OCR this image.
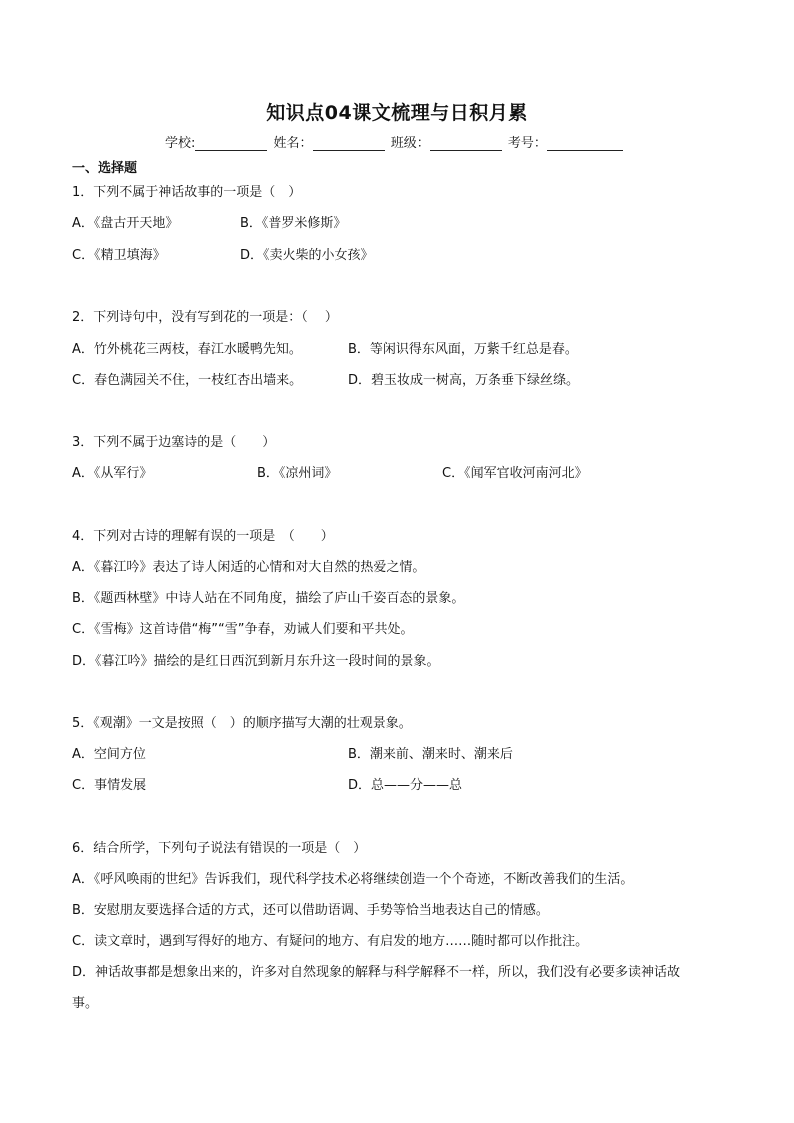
知识点04课文梳理与日积月累
学校:	姓名：	班级：	考号：
一、选择题
1．下列不属于神话故事的一项是（　）
A．《盘古开天地》	B．《普罗米修斯》
C．《精卫填海》	D．《卖火柴的小女孩》
2．下列诗句中，没有写到花的一项是：（　 ）
A．竹外桃花三两枝，春江水暖鸭先知。	B．等闲识得东风面，万紫千红总是春。
C．春色满园关不住，一枝红杏出墙来。	D．碧玉妆成一树高，万条垂下绿丝绦。
3．下列不属于边塞诗的是（　　）
A．《从军行》	B．《凉州词》	C．《闻军官收河南河北》
4．下列对古诗的理解有误的一项是　（　　）
A．《暮江吟》表达了诗人闲适的心情和对大自然的热爱之情。
B．《题西林壁》中诗人站在不同角度，描绘了庐山千姿百态的景象。
C．《雪梅》这首诗借“梅”“雪”争春，劝诫人们要和平共处。
D．《暮江吟》描绘的是红日西沉到新月东升这一段时间的景象。
5．《观潮》一文是按照（　）的顺序描写大潮的壮观景象。
A．空间方位	B．潮来前、潮来时、潮来后
C．事情发展	D．总——分——总
6．结合所学，下列句子说法有错误的一项是（　）
A．《呼风唤雨的世纪》告诉我们，现代科学技术必将继续创造一个个奇迹，不断改善我们的生活。
B．安慰朋友要选择合适的方式，还可以借助语调、手势等恰当地表达自己的情感。
C．读文章时，遇到写得好的地方、有疑问的地方、有启发的地方……随时都可以作批注。
D．神话故事都是想象出来的，许多对自然现象的解释与科学解释不一样，所以，我们没有必要多读神话故
事。
